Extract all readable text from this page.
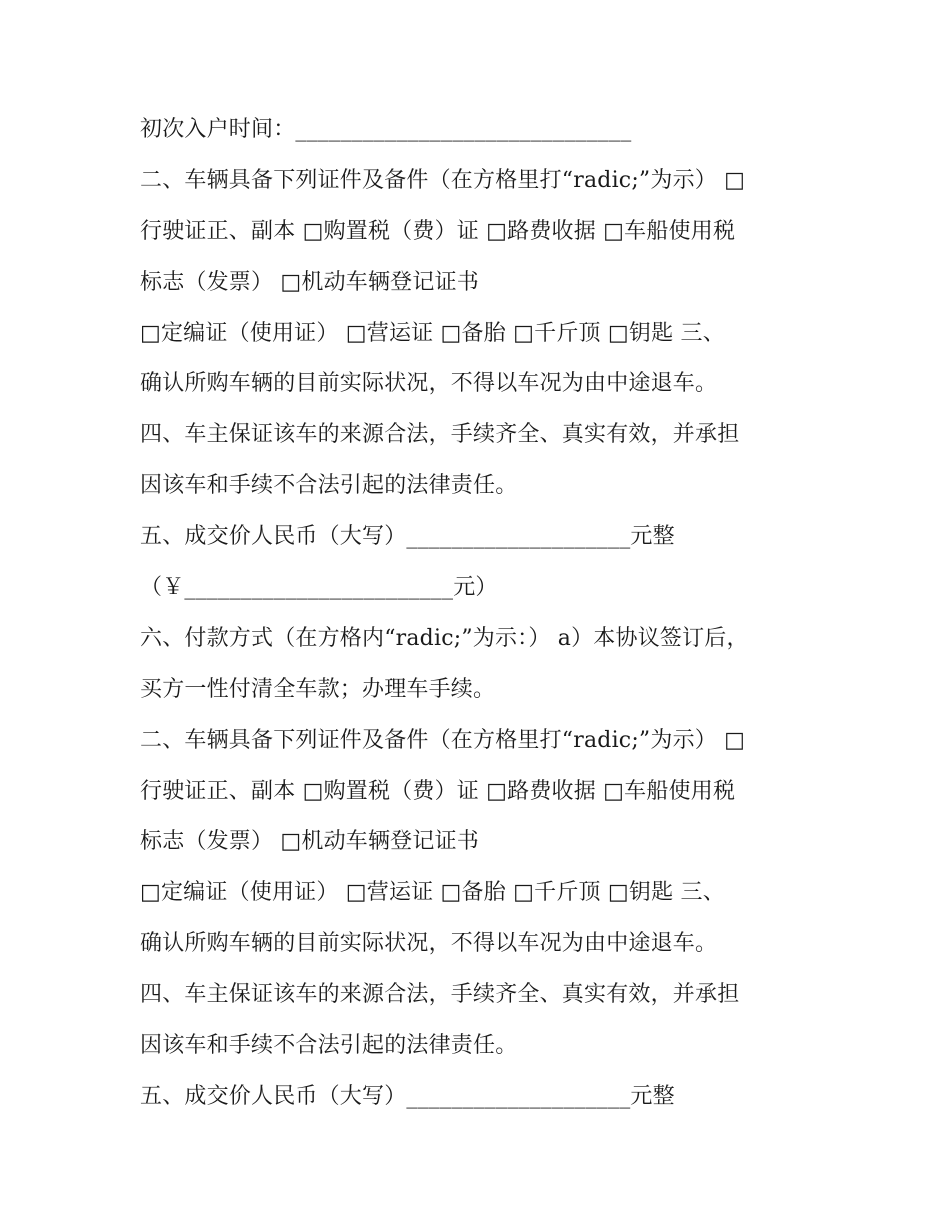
初次入户时间：______________________________
二、车辆具备下列证件及备件（在方格里打“radic;”为示） □
行驶证正、副本 □购置税（费）证 □路费收据 □车船使用税
标志（发票） □机动车辆登记证书
□定编证（使用证） □营运证 □备胎 □千斤顶 □钥匙 三、
确认所购车辆的目前实际状况，不得以车况为由中途退车。
四、车主保证该车的来源合法，手续齐全、真实有效，并承担
因该车和手续不合法引起的法律责任。
五、成交价人民币（大写）____________________元整
（￥________________________元）
六、付款方式（在方格内“radic;”为示：） a）本协议签订后，
买方一性付清全车款；办理车手续。
二、车辆具备下列证件及备件（在方格里打“radic;”为示） □
行驶证正、副本 □购置税（费）证 □路费收据 □车船使用税
标志（发票） □机动车辆登记证书
□定编证（使用证） □营运证 □备胎 □千斤顶 □钥匙 三、
确认所购车辆的目前实际状况，不得以车况为由中途退车。
四、车主保证该车的来源合法，手续齐全、真实有效，并承担
因该车和手续不合法引起的法律责任。
五、成交价人民币（大写）____________________元整
